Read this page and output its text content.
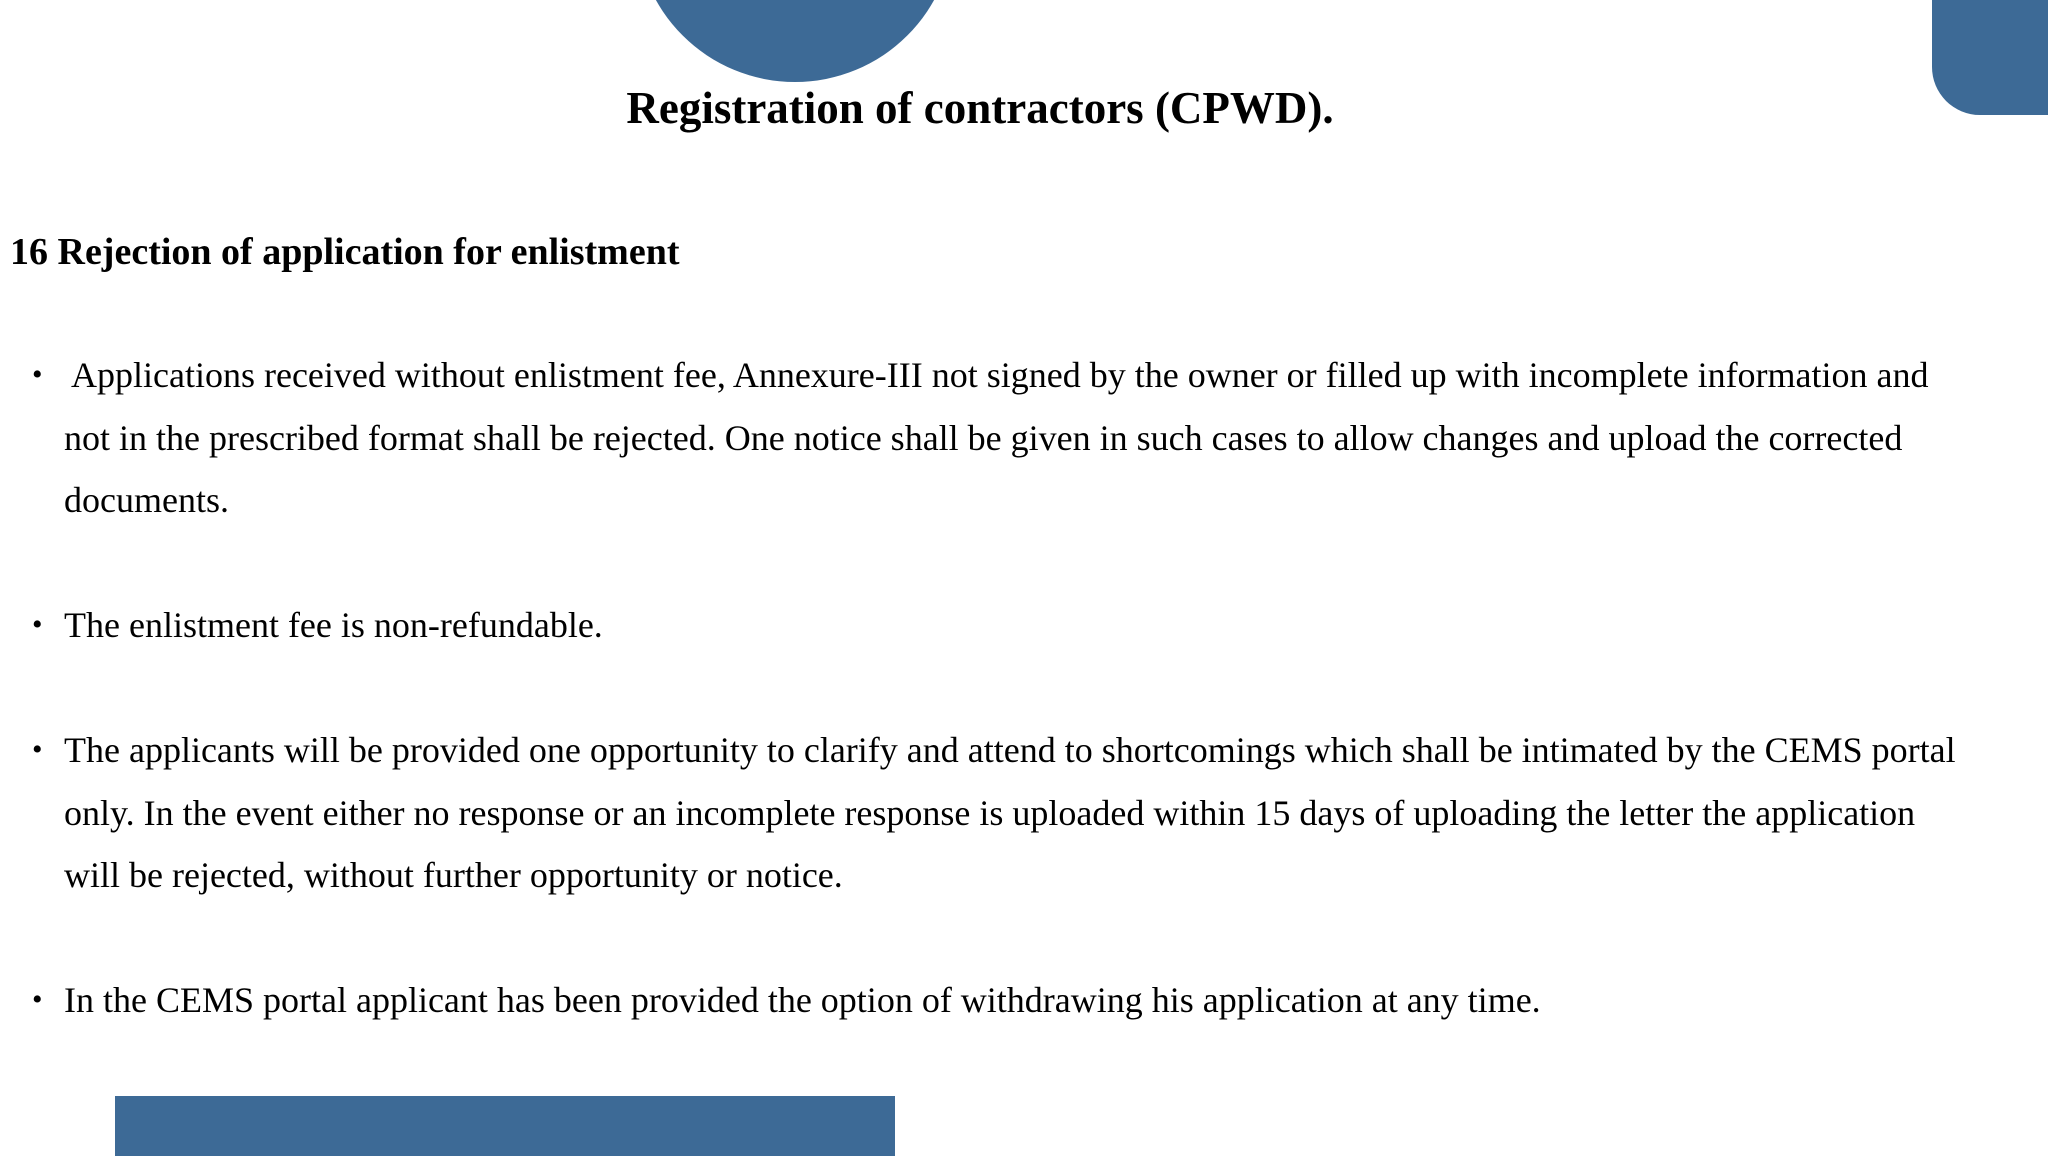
Registration of contractors (CPWD).
16 Rejection of application for enlistment
• Applications received without enlistment fee, Annexure-III not signed by the owner or filled up with incomplete information and
not in the prescribed format shall be rejected. One notice shall be given in such cases to allow changes and upload the corrected
documents.
• The enlistment fee is non-refundable.
• The applicants will be provided one opportunity to clarify and attend to shortcomings which shall be intimated by the CEMS portal
only. In the event either no response or an incomplete response is uploaded within 15 days of uploading the letter the application
will be rejected, without further opportunity or notice.
• In the CEMS portal applicant has been provided the option of withdrawing his application at any time.
